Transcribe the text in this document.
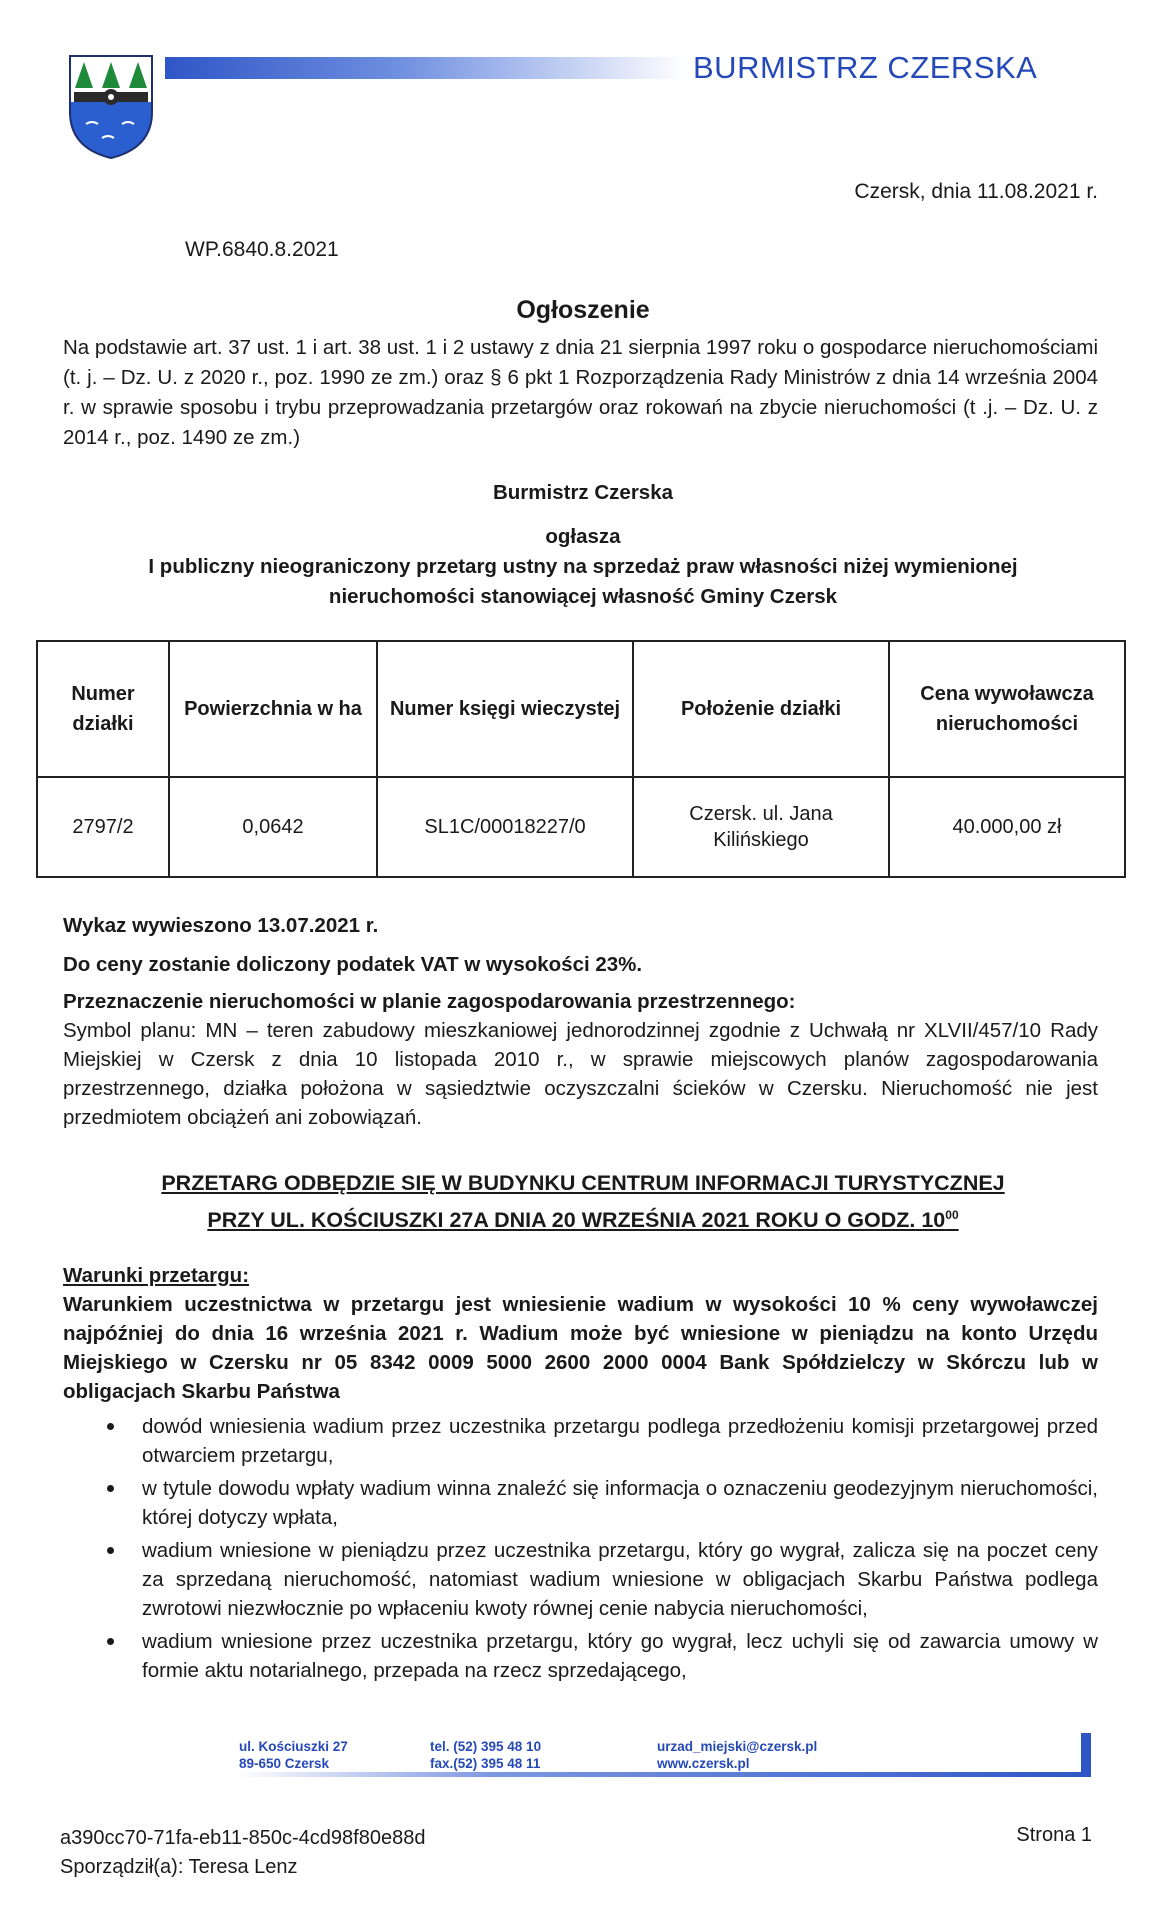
BURMISTRZ CZERSKA
Czersk, dnia 11.08.2021 r.
WP.6840.8.2021
Ogłoszenie
Na podstawie art. 37 ust. 1 i art. 38 ust. 1 i 2 ustawy z dnia 21 sierpnia 1997 roku o gospodarce nieruchomościami (t. j. – Dz. U. z 2020 r., poz. 1990 ze zm.) oraz § 6 pkt 1 Rozporządzenia Rady Ministrów z dnia 14 września 2004 r. w sprawie sposobu i trybu przeprowadzania przetargów oraz rokowań na zbycie nieruchomości (t .j. – Dz. U. z 2014 r., poz. 1490 ze zm.)
Burmistrz Czerska
ogłasza
I publiczny nieograniczony przetarg ustny na sprzedaż praw własności niżej wymienionej
nieruchomości stanowiącej własność Gminy Czersk
Numer działki	Powierzchnia w ha	Numer księgi wieczystej	Położenie działki	Cena wywoławcza nieruchomości
2797/2	0,0642	SL1C/00018227/0	Czersk. ul. Jana Kilińskiego	40.000,00 zł
Wykaz wywieszono 13.07.2021 r.
Do ceny zostanie doliczony podatek VAT w wysokości 23%.
Przeznaczenie nieruchomości w planie zagospodarowania przestrzennego:
Symbol planu: MN – teren zabudowy mieszkaniowej jednorodzinnej zgodnie z Uchwałą nr XLVII/457/10 Rady Miejskiej w Czersk z dnia 10 listopada 2010 r., w sprawie miejscowych planów zagospodarowania przestrzennego, działka położona w sąsiedztwie oczyszczalni ścieków w Czersku. Nieruchomość nie jest przedmiotem obciążeń ani zobowiązań.
PRZETARG ODBĘDZIE SIĘ W BUDYNKU CENTRUM INFORMACJI TURYSTYCZNEJ
PRZY UL. KOŚCIUSZKI 27A DNIA 20 WRZEŚNIA 2021 ROKU O GODZ. $10^{00}$
Warunki przetargu:
Warunkiem uczestnictwa w przetargu jest wniesienie wadium w wysokości 10 % ceny wywoławczej najpóźniej do dnia 16 września 2021 r. Wadium może być wniesione w pieniądzu na konto Urzędu Miejskiego w Czersku nr 05 8342 0009 5000 2600 2000 0004 Bank Spółdzielczy w Skórczu lub w obligacjach Skarbu Państwa
dowód wniesienia wadium przez uczestnika przetargu podlega przedłożeniu komisji przetargowej przed otwarciem przetargu,
w tytule dowodu wpłaty wadium winna znaleźć się informacja o oznaczeniu geodezyjnym nieruchomości, której dotyczy wpłata,
wadium wniesione w pieniądzu przez uczestnika przetargu, który go wygrał, zalicza się na poczet ceny za sprzedaną nieruchomość, natomiast wadium wniesione w obligacjach Skarbu Państwa podlega zwrotowi niezwłocznie po wpłaceniu kwoty równej cenie nabycia nieruchomości,
wadium wniesione przez uczestnika przetargu, który go wygrał, lecz uchyli się od zawarcia umowy w formie aktu notarialnego, przepada na rzecz sprzedającego,
ul. Kościuszki 27
89-650 Czersk
tel. (52) 395 48 10
fax.(52) 395 48 11
urzad_miejski@czersk.pl
www.czersk.pl
a390cc70-71fa-eb11-850c-4cd98f80e88d
Sporządził(a): Teresa Lenz
Strona 1
